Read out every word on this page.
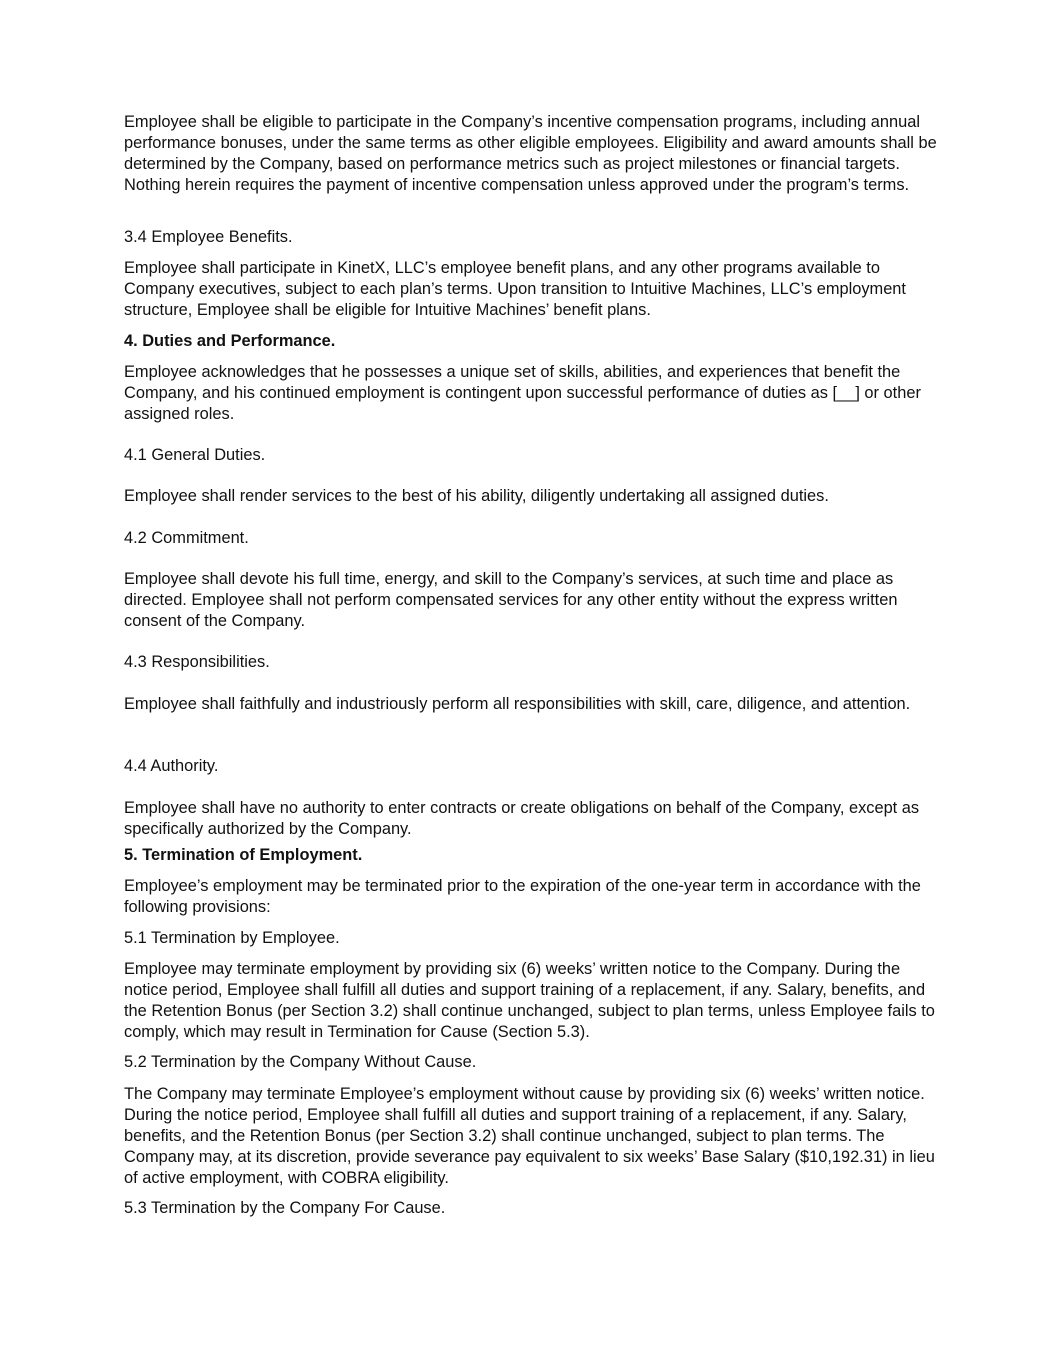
Employee shall be eligible to participate in the Company’s incentive compensation programs, including annual performance bonuses, under the same terms as other eligible employees. Eligibility and award amounts shall be determined by the Company, based on performance metrics such as project milestones or financial targets. Nothing herein requires the payment of incentive compensation unless approved under the program’s terms.

3.4 Employee Benefits.

Employee shall participate in KinetX, LLC’s employee benefit plans, and any other programs available to Company executives, subject to each plan’s terms. Upon transition to Intuitive Machines, LLC’s employment structure, Employee shall be eligible for Intuitive Machines’ benefit plans.

4. Duties and Performance.

Employee acknowledges that he possesses a unique set of skills, abilities, and experiences that benefit the Company, and his continued employment is contingent upon successful performance of duties as [__] or other assigned roles.

4.1 General Duties.

Employee shall render services to the best of his ability, diligently undertaking all assigned duties.

4.2 Commitment.

Employee shall devote his full time, energy, and skill to the Company’s services, at such time and place as directed. Employee shall not perform compensated services for any other entity without the express written consent of the Company.

4.3 Responsibilities.

Employee shall faithfully and industriously perform all responsibilities with skill, care, diligence, and attention.

4.4 Authority.

Employee shall have no authority to enter contracts or create obligations on behalf of the Company, except as specifically authorized by the Company.

5. Termination of Employment.

Employee’s employment may be terminated prior to the expiration of the one-year term in accordance with the following provisions:

5.1 Termination by Employee.

Employee may terminate employment by providing six (6) weeks’ written notice to the Company. During the notice period, Employee shall fulfill all duties and support training of a replacement, if any. Salary, benefits, and the Retention Bonus (per Section 3.2) shall continue unchanged, subject to plan terms, unless Employee fails to comply, which may result in Termination for Cause (Section 5.3).

5.2 Termination by the Company Without Cause.

The Company may terminate Employee’s employment without cause by providing six (6) weeks’ written notice. During the notice period, Employee shall fulfill all duties and support training of a replacement, if any. Salary, benefits, and the Retention Bonus (per Section 3.2) shall continue unchanged, subject to plan terms. The Company may, at its discretion, provide severance pay equivalent to six weeks’ Base Salary ($10,192.31) in lieu of active employment, with COBRA eligibility.

5.3 Termination by the Company For Cause.
